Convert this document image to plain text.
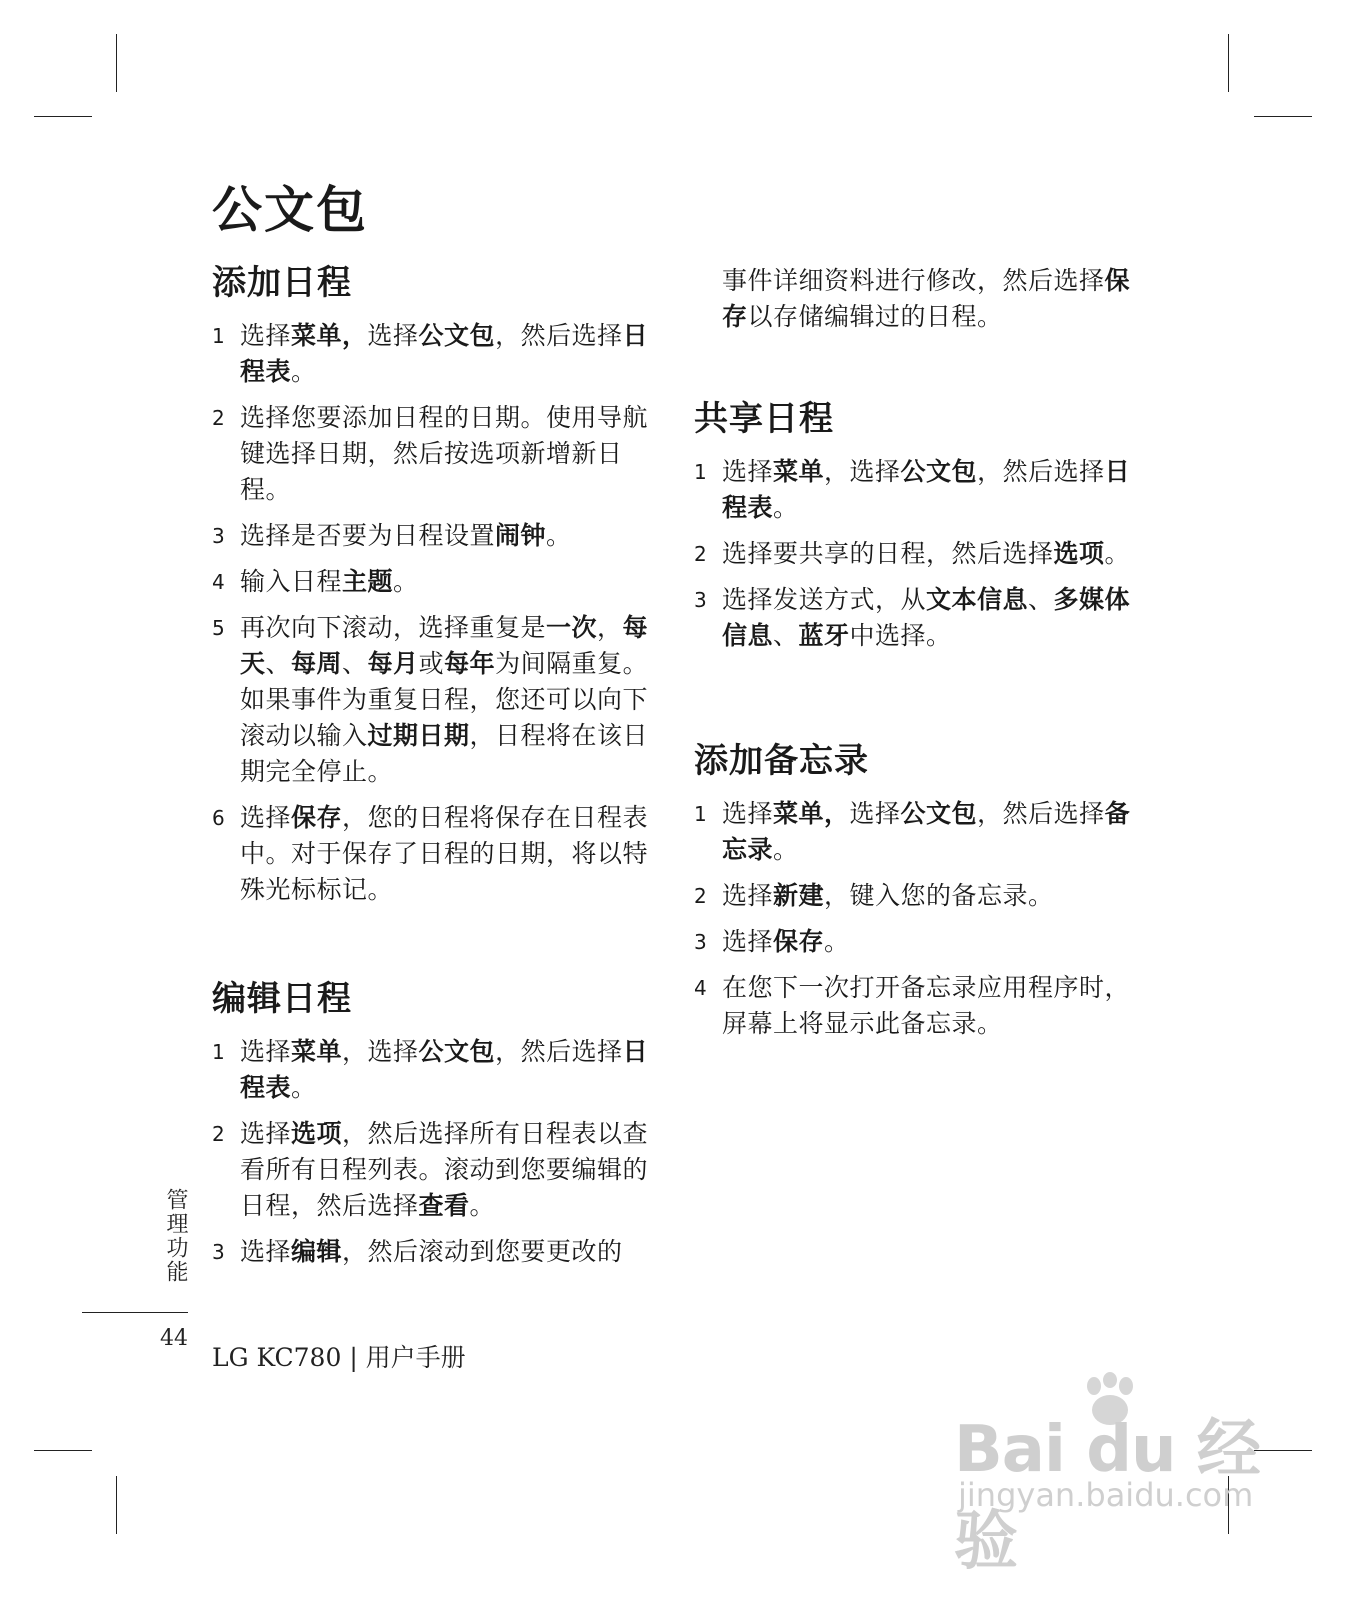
公文包
添加日程
1 选择菜单，选择公文包，然后选择日程表。
2 选择您要添加日程的日期。使用导航键选择日期，然后按选项新增新日程。
3 选择是否要为日程设置闹钟。
4 输入日程主题。
5 再次向下滚动，选择重复是一次，每天、每周、每月或每年为间隔重复。如果事件为重复日程，您还可以向下滚动以输入过期日期，日程将在该日期完全停止。
6 选择保存，您的日程将保存在日程表中。对于保存了日程的日期，将以特殊光标标记。
编辑日程
1 选择菜单，选择公文包，然后选择日程表。
2 选择选项，然后选择所有日程表以查看所有日程列表。滚动到您要编辑的日程，然后选择查看。
3 选择编辑，然后滚动到您要更改的

事件详细资料进行修改，然后选择保存以存储编辑过的日程。

共享日程
1 选择菜单，选择公文包，然后选择日程表。
2 选择要共享的日程，然后选择选项。
3 选择发送方式，从文本信息、多媒体信息、蓝牙中选择。
添加备忘录
1 选择菜单，选择公文包，然后选择备忘录。
2 选择新建，键入您的备忘录。
3 选择保存。
4 在您下一次打开备忘录应用程序时，屏幕上将显示此备忘录。
管理功能
44
LG KC780 | 用户手册
Bai du 经验
jingyan.baidu.com
